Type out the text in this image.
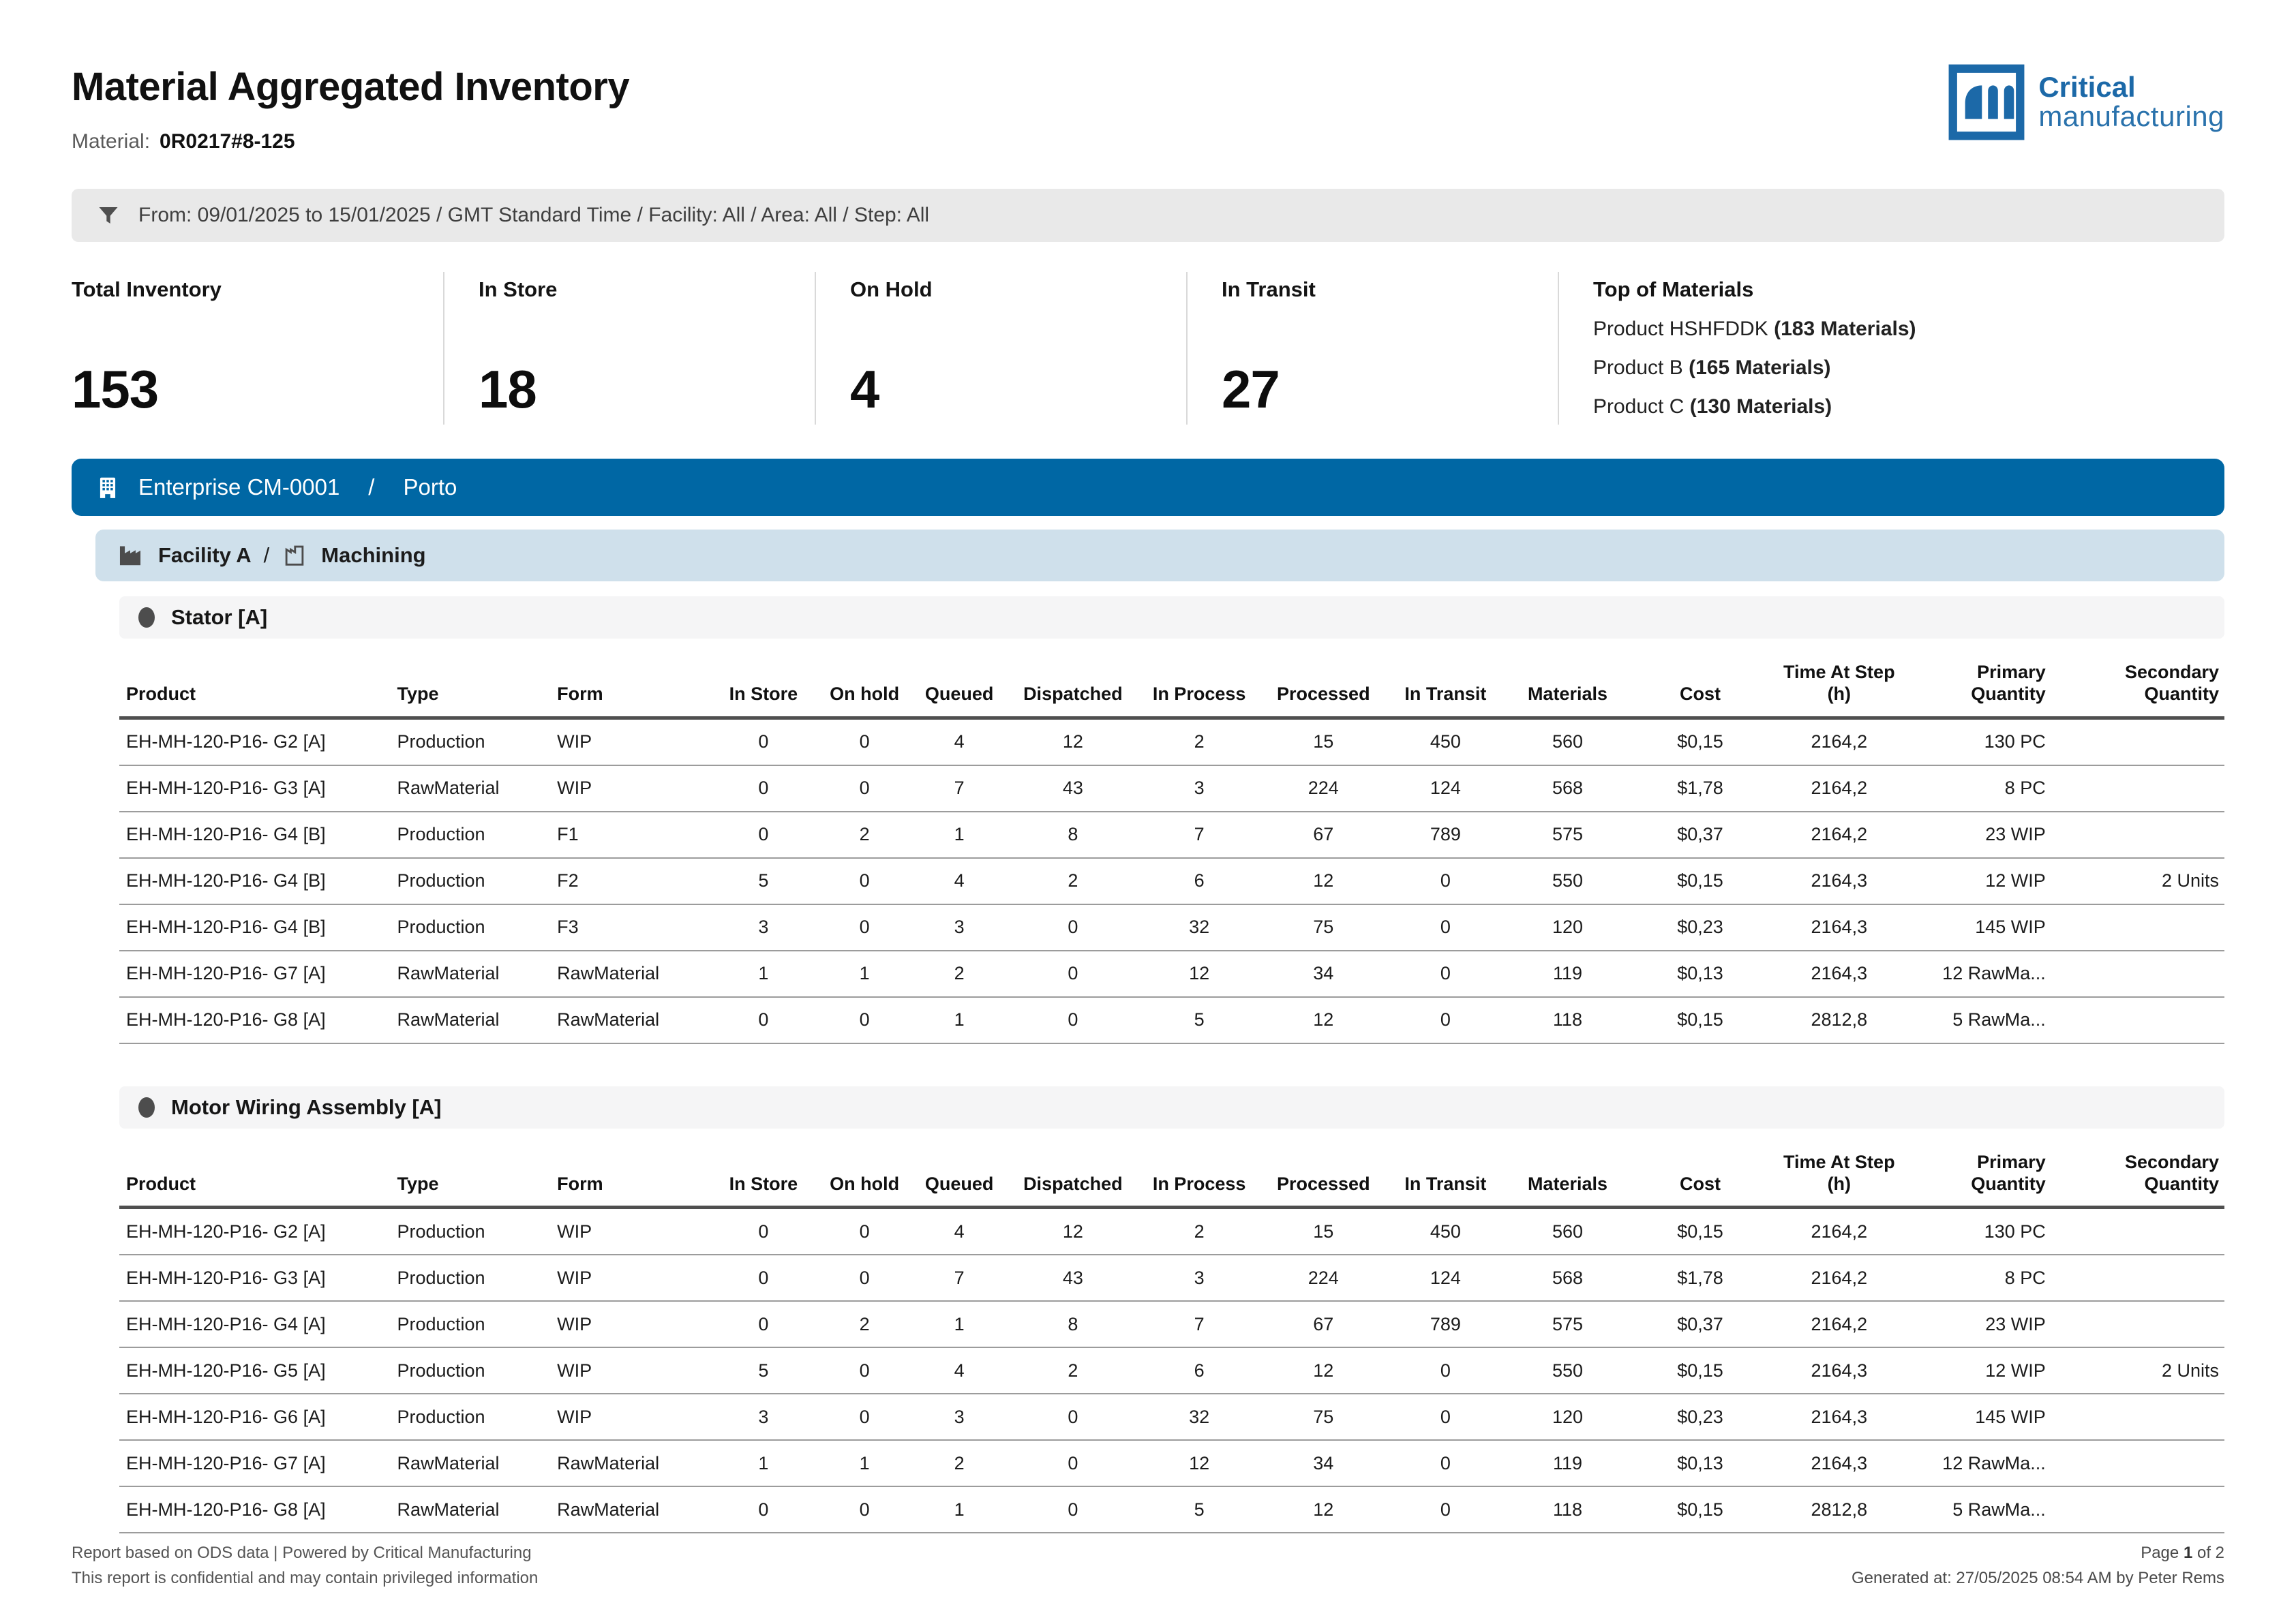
Material Aggregated Inventory
Material: 0R0217#8-125
Critical
manufacturing
From: 09/01/2025 to 15/01/2025 / GMT Standard Time / Facility: All / Area: All / Step: All
Total Inventory
153
In Store
18
On Hold
4
In Transit
27
Top of Materials
Product HSHFDDK (183 Materials)
Product B (165 Materials)
Product C (130 Materials)
Enterprise CM-0001 / Porto
Facility A / Machining
Stator [A]
Product	Type	Form	In Store	On hold	Queued	Dispatched	In Process	Processed	In Transit	Materials	Cost	Time At Step (h)	Primary Quantity	Secondary Quantity
EH-MH-120-P16- G2 [A]	Production	WIP	0	0	4	12	2	15	450	560	$0,15	2164,2	130 PC	
EH-MH-120-P16- G3 [A]	RawMaterial	WIP	0	0	7	43	3	224	124	568	$1,78	2164,2	8 PC	
EH-MH-120-P16- G4 [B]	Production	F1	0	2	1	8	7	67	789	575	$0,37	2164,2	23 WIP	
EH-MH-120-P16- G4 [B]	Production	F2	5	0	4	2	6	12	0	550	$0,15	2164,3	12 WIP	2 Units
EH-MH-120-P16- G4 [B]	Production	F3	3	0	3	0	32	75	0	120	$0,23	2164,3	145 WIP	
EH-MH-120-P16- G7 [A]	RawMaterial	RawMaterial	1	1	2	0	12	34	0	119	$0,13	2164,3	12 RawMa...	
EH-MH-120-P16- G8 [A]	RawMaterial	RawMaterial	0	0	1	0	5	12	0	118	$0,15	2812,8	5 RawMa...	
Motor Wiring Assembly [A]
Product	Type	Form	In Store	On hold	Queued	Dispatched	In Process	Processed	In Transit	Materials	Cost	Time At Step (h)	Primary Quantity	Secondary Quantity
EH-MH-120-P16- G2 [A]	Production	WIP	0	0	4	12	2	15	450	560	$0,15	2164,2	130 PC	
EH-MH-120-P16- G3 [A]	Production	WIP	0	0	7	43	3	224	124	568	$1,78	2164,2	8 PC	
EH-MH-120-P16- G4 [A]	Production	WIP	0	2	1	8	7	67	789	575	$0,37	2164,2	23 WIP	
EH-MH-120-P16- G5 [A]	Production	WIP	5	0	4	2	6	12	0	550	$0,15	2164,3	12 WIP	2 Units
EH-MH-120-P16- G6 [A]	Production	WIP	3	0	3	0	32	75	0	120	$0,23	2164,3	145 WIP	
EH-MH-120-P16- G7 [A]	RawMaterial	RawMaterial	1	1	2	0	12	34	0	119	$0,13	2164,3	12 RawMa...	
EH-MH-120-P16- G8 [A]	RawMaterial	RawMaterial	0	0	1	0	5	12	0	118	$0,15	2812,8	5 RawMa...	
Report based on ODS data | Powered by Critical Manufacturing
This report is confidential and may contain privileged information
Page 1 of 2
Generated at: 27/05/2025 08:54 AM by Peter Rems
